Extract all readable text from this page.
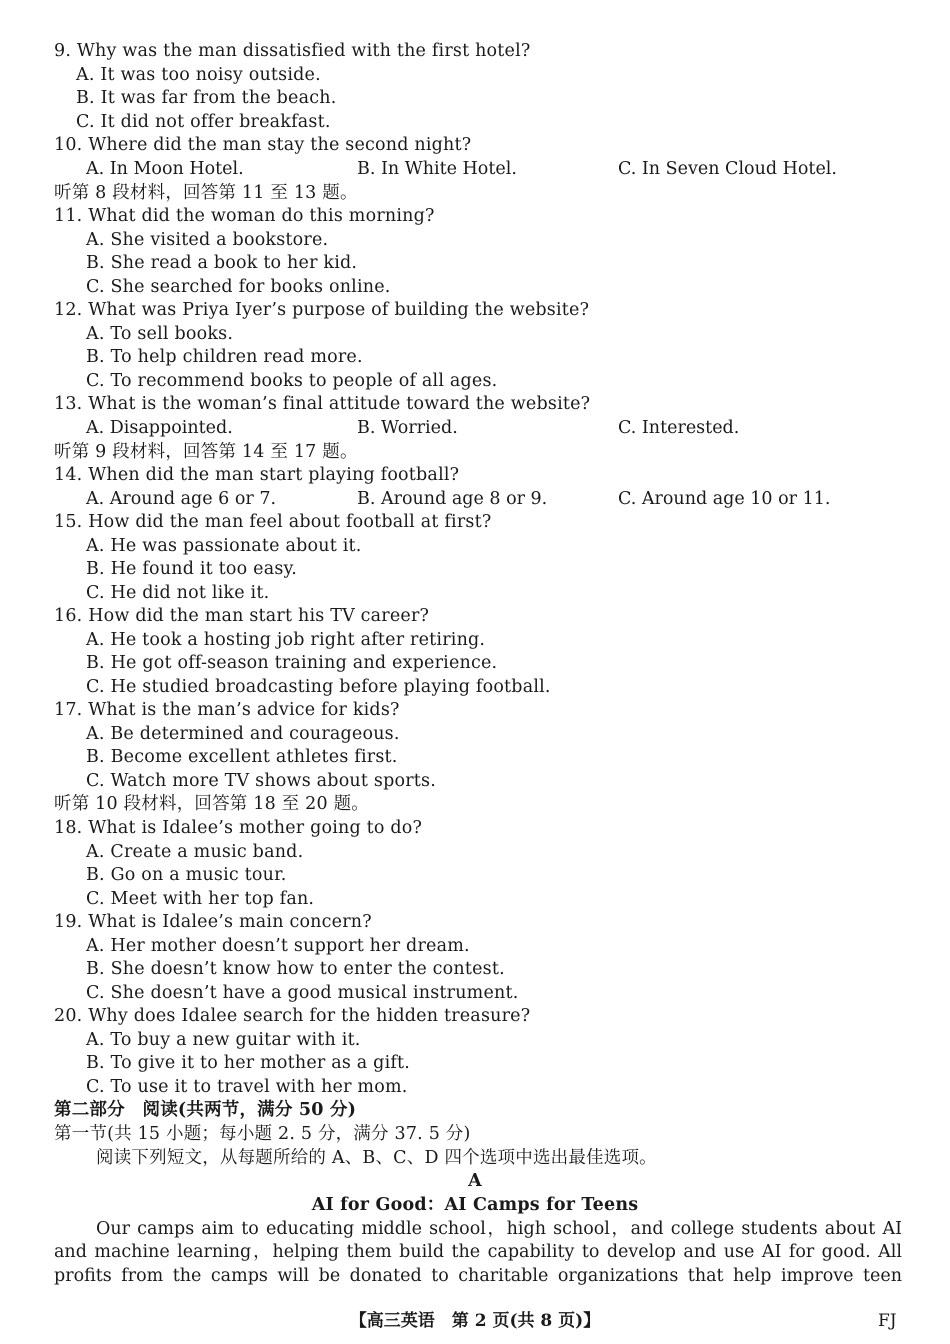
9. Why was the man dissatisfied with the first hotel?
A. It was too noisy outside.
B. It was far from the beach.
C. It did not offer breakfast.
10. Where did the man stay the second night?
A. In Moon Hotel.	B. In White Hotel.	C. In Seven Cloud Hotel.
听第 8 段材料，回答第 11 至 13 题。
11. What did the woman do this morning?
A. She visited a bookstore.
B. She read a book to her kid.
C. She searched for books online.
12. What was Priya Iyer’s purpose of building the website?
A. To sell books.
B. To help children read more.
C. To recommend books to people of all ages.
13. What is the woman’s final attitude toward the website?
A. Disappointed.	B. Worried.	C. Interested.
听第 9 段材料，回答第 14 至 17 题。
14. When did the man start playing football?
A. Around age 6 or 7.	B. Around age 8 or 9.	C. Around age 10 or 11.
15. How did the man feel about football at first?
A. He was passionate about it.
B. He found it too easy.
C. He did not like it.
16. How did the man start his TV career?
A. He took a hosting job right after retiring.
B. He got off-season training and experience.
C. He studied broadcasting before playing football.
17. What is the man’s advice for kids?
A. Be determined and courageous.
B. Become excellent athletes first.
C. Watch more TV shows about sports.
听第 10 段材料，回答第 18 至 20 题。
18. What is Idalee’s mother going to do?
A. Create a music band.
B. Go on a music tour.
C. Meet with her top fan.
19. What is Idalee’s main concern?
A. Her mother doesn’t support her dream.
B. She doesn’t know how to enter the contest.
C. She doesn’t have a good musical instrument.
20. Why does Idalee search for the hidden treasure?
A. To buy a new guitar with it.
B. To give it to her mother as a gift.
C. To use it to travel with her mom.
第二部分　阅读(共两节，满分 50 分)
第一节(共 15 小题；每小题 2. 5 分，满分 37. 5 分)
阅读下列短文，从每题所给的 A、B、C、D 四个选项中选出最佳选项。
A
AI for Good：AI Camps for Teens
Our camps aim to educating middle school，high school，and college students about AI
and machine learning，helping them build the capability to develop and use AI for good. All
profits from the camps will be donated to charitable organizations that help improve teen
【高三英语　第 2 页(共 8 页)】	FJ
